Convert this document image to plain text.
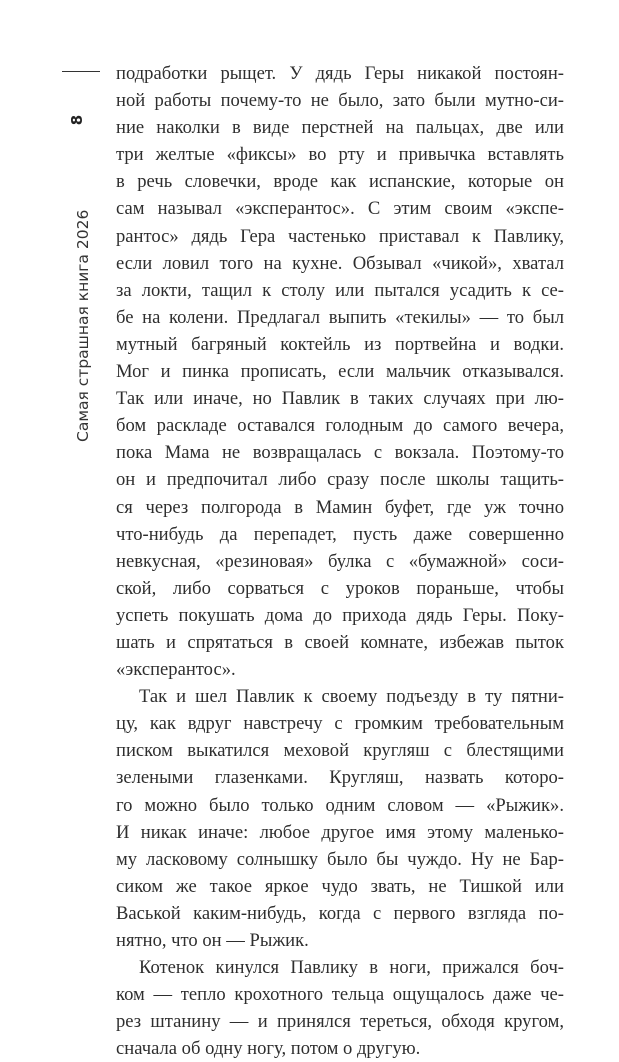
8
Самая страшная книга 2026
подработки рыщет. У дядь Геры никакой постоян-
ной работы почему-то не было, зато были мутно-си-
ние наколки в виде перстней на пальцах, две или
три желтые «фиксы» во рту и привычка вставлять
в речь словечки, вроде как испанские, которые он
сам называл «эксперантос». С этим своим «экспе-
рантос» дядь Гера частенько приставал к Павлику,
если ловил того на кухне. Обзывал «чикой», хватал
за локти, тащил к столу или пытался усадить к се-
бе на колени. Предлагал выпить «текилы» — то был
мутный багряный коктейль из портвейна и водки.
Мог и пинка прописать, если мальчик отказывался.
Так или иначе, но Павлик в таких случаях при лю-
бом раскладе оставался голодным до самого вечера,
пока Мама не возвращалась с вокзала. Поэтому-то
он и предпочитал либо сразу после школы тащить-
ся через полгорода в Мамин буфет, где уж точно
что-нибудь да перепадет, пусть даже совершенно
невкусная, «резиновая» булка с «бумажной» соси-
ской, либо сорваться с уроков пораньше, чтобы
успеть покушать дома до прихода дядь Геры. Поку-
шать и спрятаться в своей комнате, избежав пыток
«эксперантос».
Так и шел Павлик к своему подъезду в ту пятни-
цу, как вдруг навстречу с громким требовательным
писком выкатился меховой кругляш с блестящими
зелеными глазенками. Кругляш, назвать которо-
го можно было только одним словом — «Рыжик».
И никак иначе: любое другое имя этому маленько-
му ласковому солнышку было бы чуждо. Ну не Бар-
сиком же такое яркое чудо звать, не Тишкой или
Васькой каким-нибудь, когда с первого взгляда по-
нятно, что он — Рыжик.
Котенок кинулся Павлику в ноги, прижался боч-
ком — тепло крохотного тельца ощущалось даже че-
рез штанину — и принялся тереться, обходя кругом,
сначала об одну ногу, потом о другую.
